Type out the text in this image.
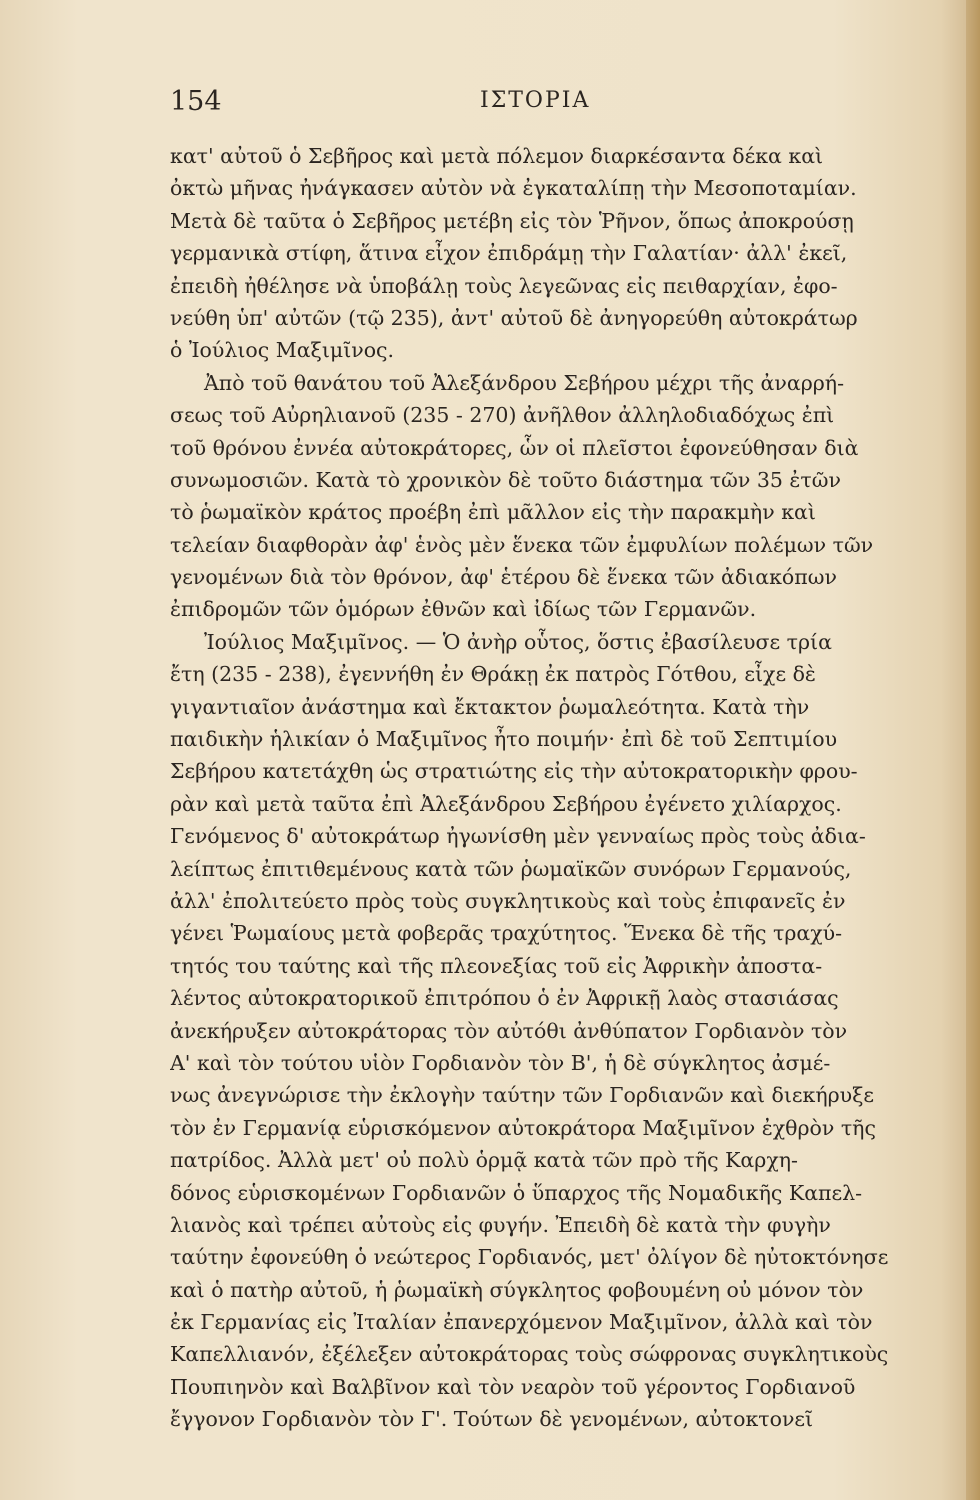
154	ΙΣΤΟΡΙΑ
κατ' αὐτοῦ ὁ Σεβῆρος καὶ μετὰ πόλεμον διαρκέσαντα δέκα καὶ
ὀκτὼ μῆνας ἠνάγκασεν αὐτὸν νὰ ἐγκαταλίπῃ τὴν Μεσοποταμίαν.
Μετὰ δὲ ταῦτα ὁ Σεβῆρος μετέβη εἰς τὸν Ῥῆνον, ὅπως ἀποκρούσῃ
γερμανικὰ στίφη, ἅτινα εἶχον ἐπιδράμῃ τὴν Γαλατίαν· ἀλλ' ἐκεῖ,
ἐπειδὴ ἠθέλησε νὰ ὑποβάλῃ τοὺς λεγεῶνας εἰς πειθαρχίαν, ἐφο-
νεύθη ὑπ' αὐτῶν (τῷ 235), ἀντ' αὐτοῦ δὲ ἀνηγορεύθη αὐτοκράτωρ
ὁ Ἰούλιος Μαξιμῖνος.
Ἀπὸ τοῦ θανάτου τοῦ Ἀλεξάνδρου Σεβήρου μέχρι τῆς ἀναρρή-
σεως τοῦ Αὐρηλιανοῦ (235 - 270) ἀνῆλθον ἀλληλοδιαδόχως ἐπὶ
τοῦ θρόνου ἐννέα αὐτοκράτορες, ὧν οἱ πλεῖστοι ἐφονεύθησαν διὰ
συνωμοσιῶν. Κατὰ τὸ χρονικὸν δὲ τοῦτο διάστημα τῶν 35 ἐτῶν
τὸ ῥωμαϊκὸν κράτος προέβη ἐπὶ μᾶλλον εἰς τὴν παρακμὴν καὶ
τελείαν διαφθορὰν ἀφ' ἑνὸς μὲν ἕνεκα τῶν ἐμφυλίων πολέμων τῶν
γενομένων διὰ τὸν θρόνον, ἀφ' ἑτέρου δὲ ἕνεκα τῶν ἀδιακόπων
ἐπιδρομῶν τῶν ὁμόρων ἐθνῶν καὶ ἰδίως τῶν Γερμανῶν.
Ἰούλιος Μαξιμῖνος. — Ὁ ἀνὴρ οὗτος, ὅστις ἐβασίλευσε τρία
ἔτη (235 - 238), ἐγεννήθη ἐν Θράκῃ ἐκ πατρὸς Γότθου, εἶχε δὲ
γιγαντιαῖον ἀνάστημα καὶ ἔκτακτον ῥωμαλεότητα. Κατὰ τὴν
παιδικὴν ἡλικίαν ὁ Μαξιμῖνος ἦτο ποιμήν· ἐπὶ δὲ τοῦ Σεπτιμίου
Σεβήρου κατετάχθη ὡς στρατιώτης εἰς τὴν αὐτοκρατορικὴν φρου-
ρὰν καὶ μετὰ ταῦτα ἐπὶ Ἀλεξάνδρου Σεβήρου ἐγένετο χιλίαρχος.
Γενόμενος δ' αὐτοκράτωρ ἠγωνίσθη μὲν γενναίως πρὸς τοὺς ἀδια-
λείπτως ἐπιτιθεμένους κατὰ τῶν ῥωμαϊκῶν συνόρων Γερμανούς,
ἀλλ' ἐπολιτεύετο πρὸς τοὺς συγκλητικοὺς καὶ τοὺς ἐπιφανεῖς ἐν
γένει Ῥωμαίους μετὰ φοβερᾶς τραχύτητος. Ἕνεκα δὲ τῆς τραχύ-
τητός του ταύτης καὶ τῆς πλεονεξίας τοῦ εἰς Ἀφρικὴν ἀποστα-
λέντος αὐτοκρατορικοῦ ἐπιτρόπου ὁ ἐν Ἀφρικῇ λαὸς στασιάσας
ἀνεκήρυξεν αὐτοκράτορας τὸν αὐτόθι ἀνθύπατον Γορδιανὸν τὸν
Α' καὶ τὸν τούτου υἱὸν Γορδιανὸν τὸν Β', ἡ δὲ σύγκλητος ἀσμέ-
νως ἀνεγνώρισε τὴν ἐκλογὴν ταύτην τῶν Γορδιανῶν καὶ διεκήρυξε
τὸν ἐν Γερμανίᾳ εὑρισκόμενον αὐτοκράτορα Μαξιμῖνον ἐχθρὸν τῆς
πατρίδος. Ἀλλὰ μετ' οὐ πολὺ ὁρμᾷ κατὰ τῶν πρὸ τῆς Καρχη-
δόνος εὑρισκομένων Γορδιανῶν ὁ ὕπαρχος τῆς Νομαδικῆς Καπελ-
λιανὸς καὶ τρέπει αὐτοὺς εἰς φυγήν. Ἐπειδὴ δὲ κατὰ τὴν φυγὴν
ταύτην ἐφονεύθη ὁ νεώτερος Γορδιανός, μετ' ὀλίγον δὲ ηὐτοκτόνησε
καὶ ὁ πατὴρ αὐτοῦ, ἡ ῥωμαϊκὴ σύγκλητος φοβουμένη οὐ μόνον τὸν
ἐκ Γερμανίας εἰς Ἰταλίαν ἐπανερχόμενον Μαξιμῖνον, ἀλλὰ καὶ τὸν
Καπελλιανόν, ἐξέλεξεν αὐτοκράτορας τοὺς σώφρονας συγκλητικοὺς
Πουπιηνὸν καὶ Βαλβῖνον καὶ τὸν νεαρὸν τοῦ γέροντος Γορδιανοῦ
ἔγγονον Γορδιανὸν τὸν Γ'. Τούτων δὲ γενομένων, αὐτοκτονεῖ
